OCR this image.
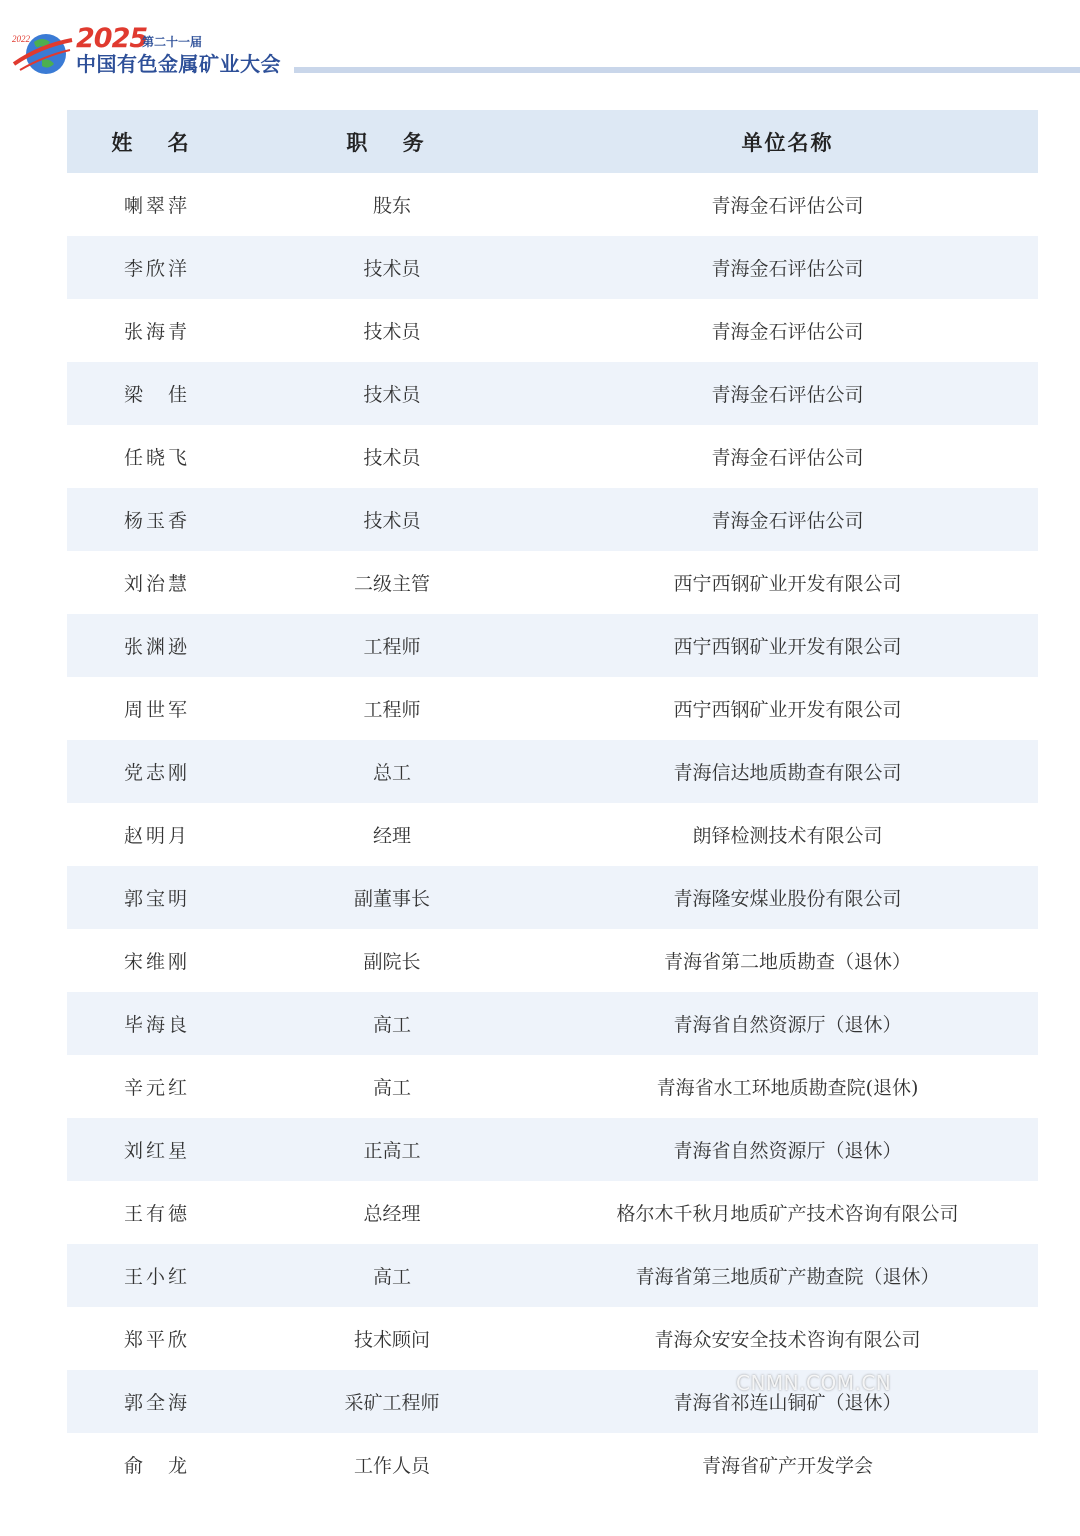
2022 2025
第二十一届
中国有色金属矿业大会
姓 名	职 务	单位名称
喇翠萍	股东	青海金石评估公司
李欣洋	技术员	青海金石评估公司
张海青	技术员	青海金石评估公司
梁　佳	技术员	青海金石评估公司
任晓飞	技术员	青海金石评估公司
杨玉香	技术员	青海金石评估公司
刘治慧	二级主管	西宁西钢矿业开发有限公司
张渊逊	工程师	西宁西钢矿业开发有限公司
周世军	工程师	西宁西钢矿业开发有限公司
党志刚	总工	青海信达地质勘查有限公司
赵明月	经理	朗铎检测技术有限公司
郭宝明	副董事长	青海隆安煤业股份有限公司
宋维刚	副院长	青海省第二地质勘查（退休）
毕海良	高工	青海省自然资源厅（退休）
辛元红	高工	青海省水工环地质勘查院(退休)
刘红星	正高工	青海省自然资源厅（退休）
王有德	总经理	格尔木千秋月地质矿产技术咨询有限公司
王小红	高工	青海省第三地质矿产勘查院（退休）
郑平欣	技术顾问	青海众安安全技术咨询有限公司
郭全海	采矿工程师	青海省祁连山铜矿（退休）
俞　龙	工作人员	青海省矿产开发学会
CNMN.COM.CN
